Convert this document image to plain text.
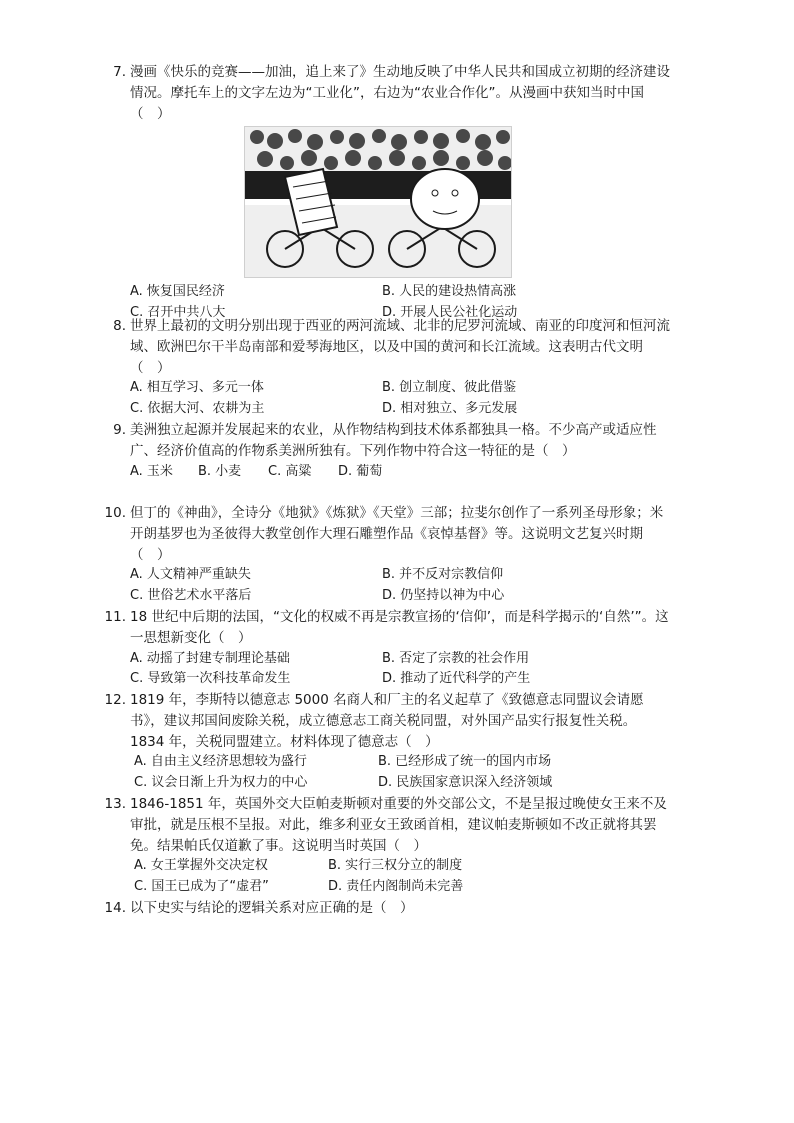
7. 漫画《快乐的竞赛——加油，追上来了》生动地反映了中华人民共和国成立初期的经济建设情况。摩托车上的文字左边为“工业化”，右边为“农业合作化”。从漫画中获知当时中国（　）
A. 恢复国民经济	B. 人民的建设热情高涨
C. 召开中共八大	D. 开展人民公社化运动
8. 世界上最初的文明分别出现于西亚的两河流域、北非的尼罗河流域、南亚的印度河和恒河流域、欧洲巴尔干半岛南部和爱琴海地区，以及中国的黄河和长江流域。这表明古代文明（　）
A. 相互学习、多元一体	B. 创立制度、彼此借鉴
C. 依据大河、农耕为主	D. 相对独立、多元发展
9. 美洲独立起源并发展起来的农业，从作物结构到技术体系都独具一格。不少高产或适应性广、经济价值高的作物系美洲所独有。下列作物中符合这一特征的是（　）
A. 玉米 B. 小麦 C. 高粱 D. 葡萄
10. 但丁的《神曲》，全诗分《地狱》《炼狱》《天堂》三部；拉斐尔创作了一系列圣母形象；米开朗基罗也为圣彼得大教堂创作大理石雕塑作品《哀悼基督》等。这说明文艺复兴时期（　）
A. 人文精神严重缺失	B. 并不反对宗教信仰
C. 世俗艺术水平落后	D. 仍坚持以神为中心
11. 18 世纪中后期的法国，“文化的权威不再是宗教宣扬的‘信仰’，而是科学揭示的‘自然’”。这一思想新变化（　）
A. 动摇了封建专制理论基础	B. 否定了宗教的社会作用
C. 导致第一次科技革命发生	D. 推动了近代科学的产生
12. 1819 年，李斯特以德意志 5000 名商人和厂主的名义起草了《致德意志同盟议会请愿书》，建议邦国间废除关税，成立德意志工商关税同盟，对外国产品实行报复性关税。1834 年，关税同盟建立。材料体现了德意志（　）
A. 自由主义经济思想较为盛行	B. 已经形成了统一的国内市场
C. 议会日渐上升为权力的中心	D. 民族国家意识深入经济领域
13. 1846-1851 年，英国外交大臣帕麦斯顿对重要的外交部公文，不是呈报过晚使女王来不及审批，就是压根不呈报。对此，维多利亚女王致函首相，建议帕麦斯顿如不改正就将其罢免。结果帕氏仅道歉了事。这说明当时英国（　）
A. 女王掌握外交决定权	B. 实行三权分立的制度
C. 国王已成为了“虚君”	D. 责任内阁制尚未完善
14. 以下史实与结论的逻辑关系对应正确的是（　）
